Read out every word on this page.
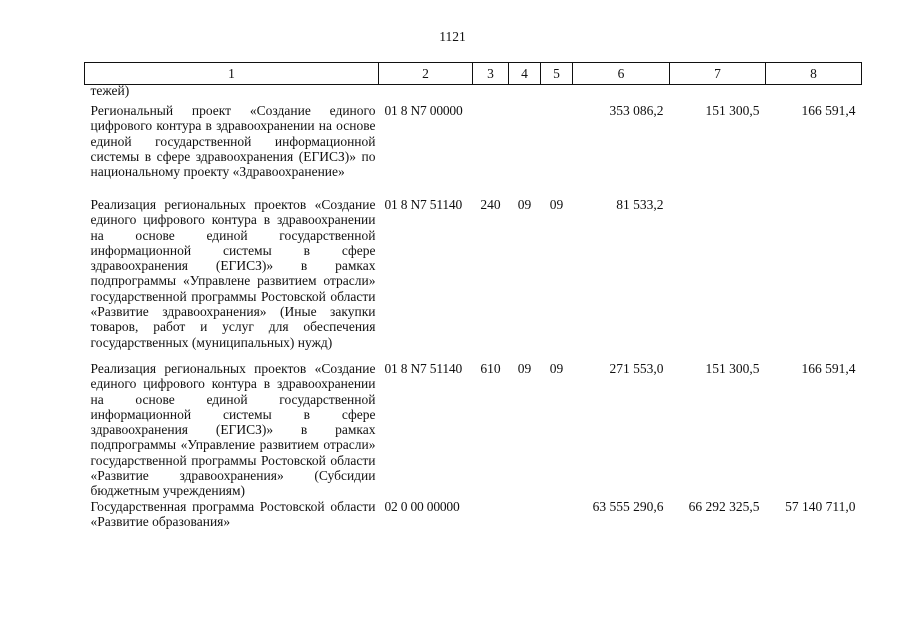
1121
1	2	3	4	5	6	7	8
тежей)							
Региональный проект «Создание единого цифрового контура в здравоохранении на основе единой государственной информационной системы в сфере здравоохранения (ЕГИСЗ)» по национальному проекту «Здравоохранение»	01 8 N7 00000				353 086,2	151 300,5	166 591,4
Реализация региональных проектов «Создание единого цифрового контура в здравоохранении на основе единой государственной информационной системы в сфере здравоохранения (ЕГИСЗ)» в рамках подпрограммы «Управлене развитием отрасли» государственной программы Ростовской области «Развитие здравоохранения» (Иные закупки товаров, работ и услуг для обеспечения государственных (муниципальных) нужд)	01 8 N7 51140	240	09	09	81 533,2		
Реализация региональных проектов «Создание единого цифрового контура в здравоохранении на основе единой государственной информационной системы в сфере здравоохранения (ЕГИСЗ)» в рамках подпрограммы «Управление развитием отрасли» государственной программы Ростовской области «Развитие здравоохранения» (Субсидии бюджетным учреждениям)	01 8 N7 51140	610	09	09	271 553,0	151 300,5	166 591,4
Государственная программа Ростовской области «Развитие образования»	02 0 00 00000				63 555 290,6	66 292 325,5	57 140 711,0
